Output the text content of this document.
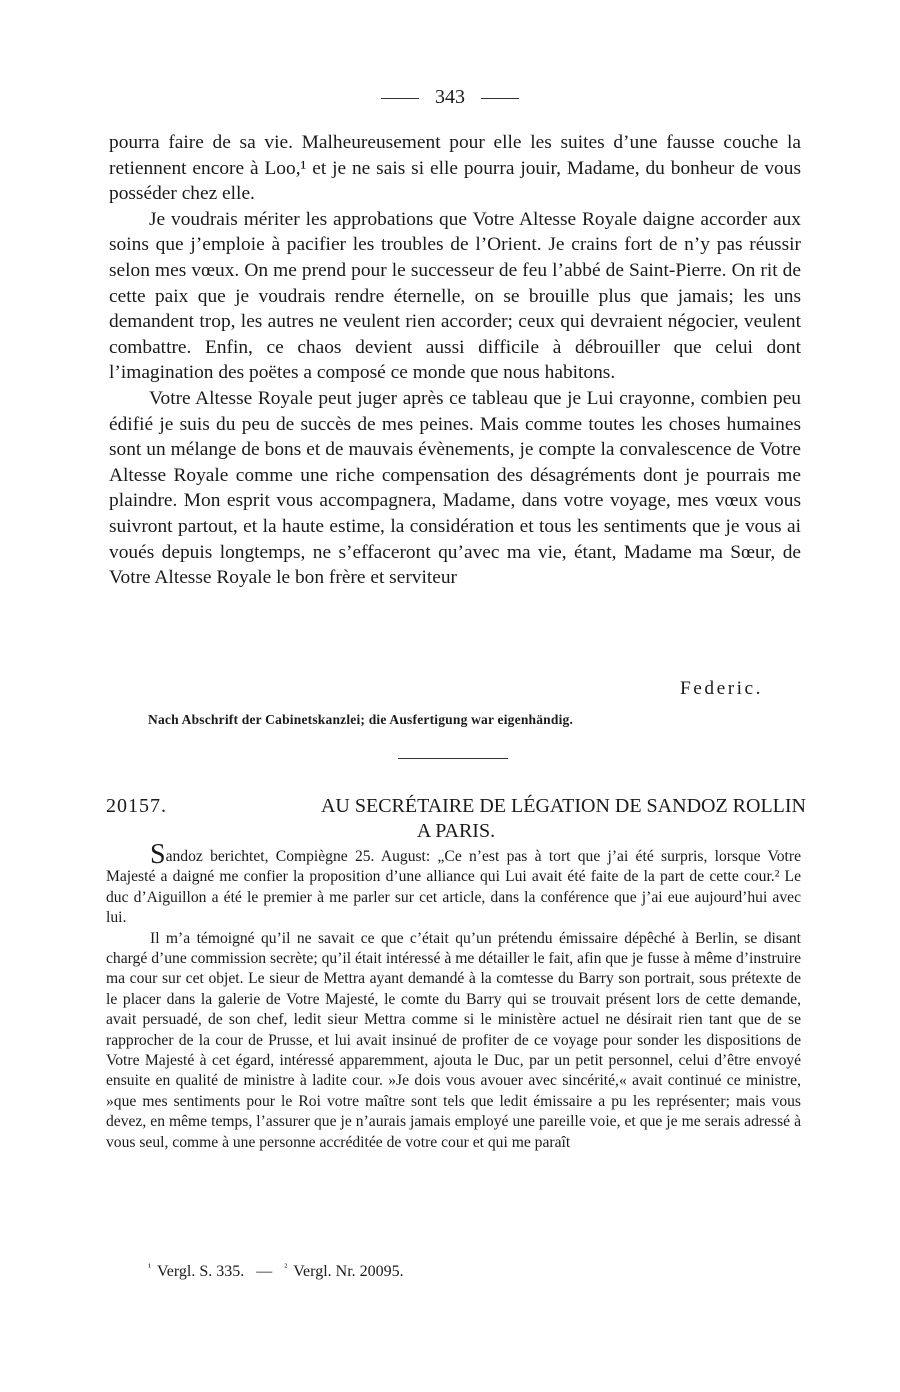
343

pourra faire de sa vie. Malheureusement pour elle les suites d’une fausse couche la retiennent encore à Loo,¹ et je ne sais si elle pourra jouir, Madame, du bonheur de vous posséder chez elle.

Je voudrais mériter les approbations que Votre Altesse Royale daigne accorder aux soins que j’emploie à pacifier les troubles de l’Orient. Je crains fort de n’y pas réussir selon mes vœux. On me prend pour le successeur de feu l’abbé de Saint-Pierre. On rit de cette paix que je voudrais rendre éternelle, on se brouille plus que jamais; les uns demandent trop, les autres ne veulent rien accorder; ceux qui devraient négocier, veulent combattre. Enfin, ce chaos devient aussi difficile à débrouiller que celui dont l’imagination des poëtes a composé ce monde que nous habitons.

Votre Altesse Royale peut juger après ce tableau que je Lui crayonne, combien peu édifié je suis du peu de succès de mes peines. Mais comme toutes les choses humaines sont un mélange de bons et de mauvais évènements, je compte la convalescence de Votre Altesse Royale comme une riche compensation des désagréments dont je pourrais me plaindre. Mon esprit vous accompagnera, Madame, dans votre voyage, mes vœux vous suivront partout, et la haute estime, la considération et tous les sentiments que je vous ai voués depuis longtemps, ne s’effaceront qu’avec ma vie, étant, Madame ma Sœur, de Votre Altesse Royale le bon frère et serviteur

Federic.
Nach Abschrift der Cabinetskanzlei; die Ausfertigung war eigenhändig.
20157.	AU SECRÉTAIRE DE LÉGATION DE SANDOZ ROLLIN
A PARIS.

Sandoz berichtet, Compiègne 25. August: „Ce n’est pas à tort que j’ai été surpris, lorsque Votre Majesté a daigné me confier la proposition d’une alliance qui Lui avait été faite de la part de cette cour.² Le duc d’Aiguillon a été le premier à me parler sur cet article, dans la conférence que j’ai eue aujourd’hui avec lui.

Il m’a témoigné qu’il ne savait ce que c’était qu’un prétendu émissaire dépêché à Berlin, se disant chargé d’une commission secrète; qu’il était intéressé à me détailler le fait, afin que je fusse à même d’instruire ma cour sur cet objet. Le sieur de Mettra ayant demandé à la comtesse du Barry son portrait, sous prétexte de le placer dans la galerie de Votre Majesté, le comte du Barry qui se trouvait présent lors de cette demande, avait persuadé, de son chef, ledit sieur Mettra comme si le ministère actuel ne désirait rien tant que de se rapprocher de la cour de Prusse, et lui avait insinué de profiter de ce voyage pour sonder les dispositions de Votre Majesté à cet égard, intéressé apparemment, ajouta le Duc, par un petit personnel, celui d’être envoyé ensuite en qualité de ministre à ladite cour. »Je dois vous avouer avec sincérité,« avait continué ce ministre, »que mes sentiments pour le Roi votre maître sont tels que ledit émissaire a pu les représenter; mais vous devez, en même temps, l’assurer que je n’aurais jamais employé une pareille voie, et que je me serais adressé à vous seul, comme à une personne accréditée de votre cour et qui me paraît

$^{^1}$ Vergl. S. 335. — $^{^2}$ Vergl. Nr. 20095.
